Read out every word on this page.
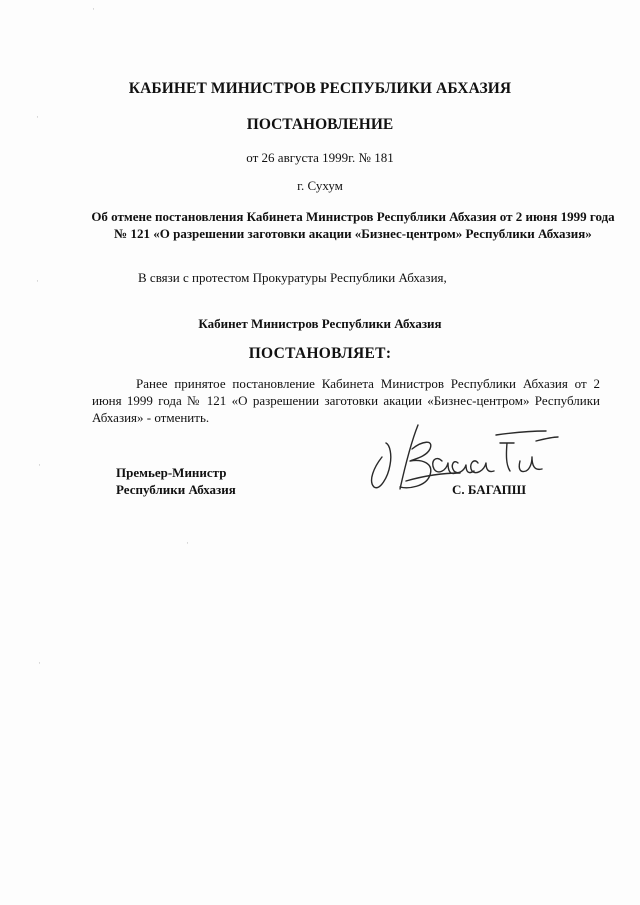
·
·
·
·
·
·
КАБИНЕТ МИНИСТРОВ РЕСПУБЛИКИ АБХАЗИЯ
ПОСТАНОВЛЕНИЕ
от 26 августа 1999г. № 181
г. Сухум
Об отмене постановления Кабинета Министров Республики Абхазия от 2 июня 1999 года № 121 «О разрешении заготовки акации «Бизнес-центром» Республики Абхазия»
В связи с протестом Прокуратуры Республики Абхазия,
Кабинет Министров Республики Абхазия
ПОСТАНОВЛЯЕТ:
Ранее принятое постановление Кабинета Министров Республики Абхазия от 2 июня 1999 года № 121 «О разрешении заготовки акации «Бизнес-центром» Республики Абхазия» - отменить.
Премьер-Министр
Республики Абхазия	С. БАГАПШ
